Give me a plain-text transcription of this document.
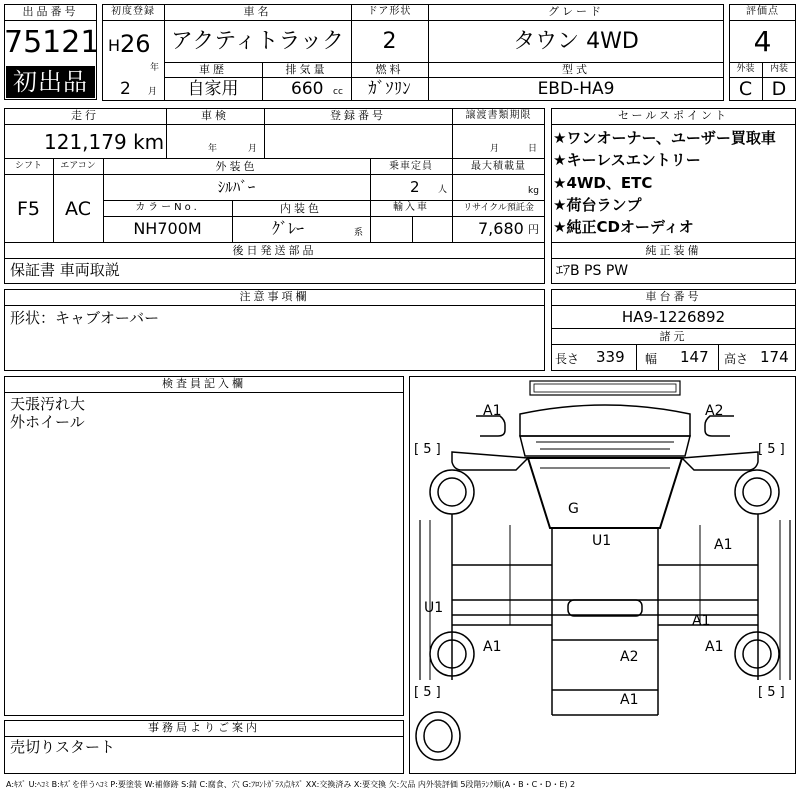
出品番号
75121
初出品
初度登録
H 26
年
2 月
車名
アクティトラック
ドア形状
2
グレード
タウン 4WD
車歴
自家用
排気量
660 cc
燃料
ｶﾞｿﾘﾝ
型式
EBD-HA9
評価点
4
外装	内装
C	D
走行
121,179 km
車検
年	月
登録番号	譲渡書類期限
月	日
シフト
F5
エアコン
AC
外装色
ｼﾙﾊﾞｰ
乗車定員
2 人
最大積載量
kg
カラーNo.
NH700M
内装色
ｸﾞﾚｰ	系
輸入車	リサイクル預託金
7,680 円
後日発送部品
保証書 車両取説
セールスポイント
★ワンオーナー、ユーザー買取車
★キーレスエントリー
★4WD、ETC
★荷台ランプ
★純正CDオーディオ
純正装備
ｴｱB PS PW
注意事項欄
形状：キャブオーバー
車台番号
HA9-1226892
諸元
長さ 339 幅 147 高さ 174
検査員記入欄
天張汚れ大
外ホイール
事務局よりご案内
売切りスタート
A1	A2
G
U1	A1
U1
A1
A1	A1
A2
A1
[ 5 ]	[ 5 ]
[ 5 ]	[ 5 ]
A:ｷｽﾞ U:ﾍｺﾐ B:ｷｽﾞを伴うﾍｺﾐ P:要塗装 W:補修跡 S:錆 C:腐食、穴 G:ﾌﾛﾝﾄｶﾞﾗｽ点ｷｽﾞ XX:交換済み X:要交換 欠:欠品 内外装評価 5段階ﾗﾝｸ順(A・B・C・D・E) 2
